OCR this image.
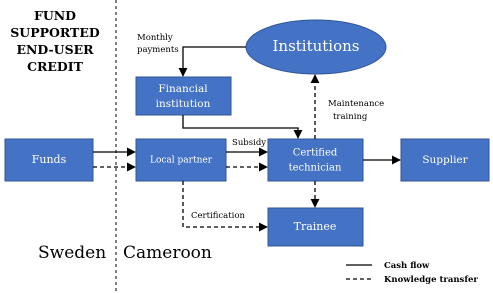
FUND
SUPPORTED
END-USER
CREDIT
Sweden Cameroon
Institutions
Financial
institution
Funds	Local partner
Certified
technician
Supplier
Trainee
Monthly
payments
Maintenance
training
Subsidy
Certification
Cash flow
Knowledge transfer
